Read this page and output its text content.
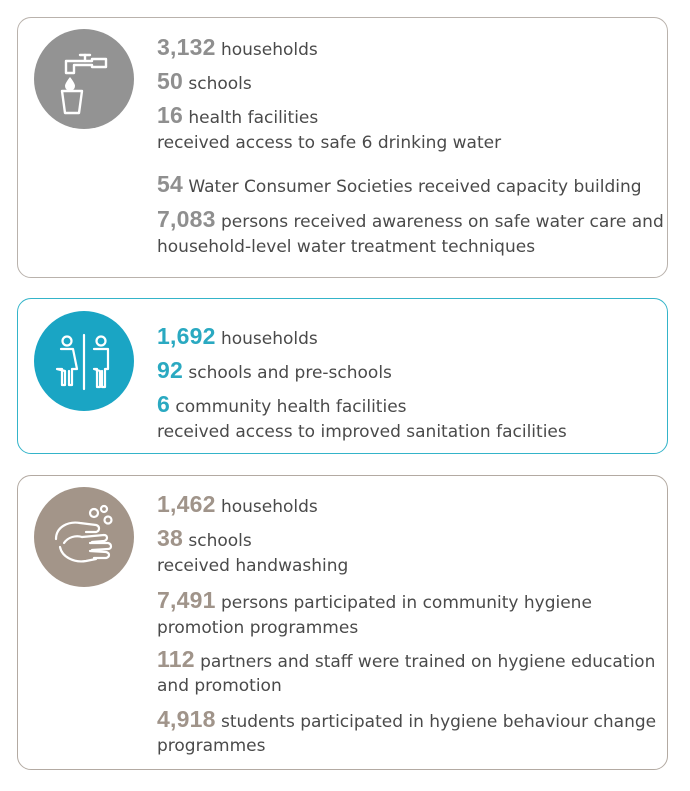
3,132 households
50 schools
16 health facilities
received access to safe 6 drinking water
54 Water Consumer Societies received capacity building
7,083 persons received awareness on safe water care and
household-level water treatment techniques
1,692 households
92 schools and pre-schools
6 community health facilities
received access to improved sanitation facilities
1,462 households
38 schools
received handwashing
7,491 persons participated in community hygiene
promotion programmes
112 partners and staff were trained on hygiene education
and promotion
4,918 students participated in hygiene behaviour change
programmes
